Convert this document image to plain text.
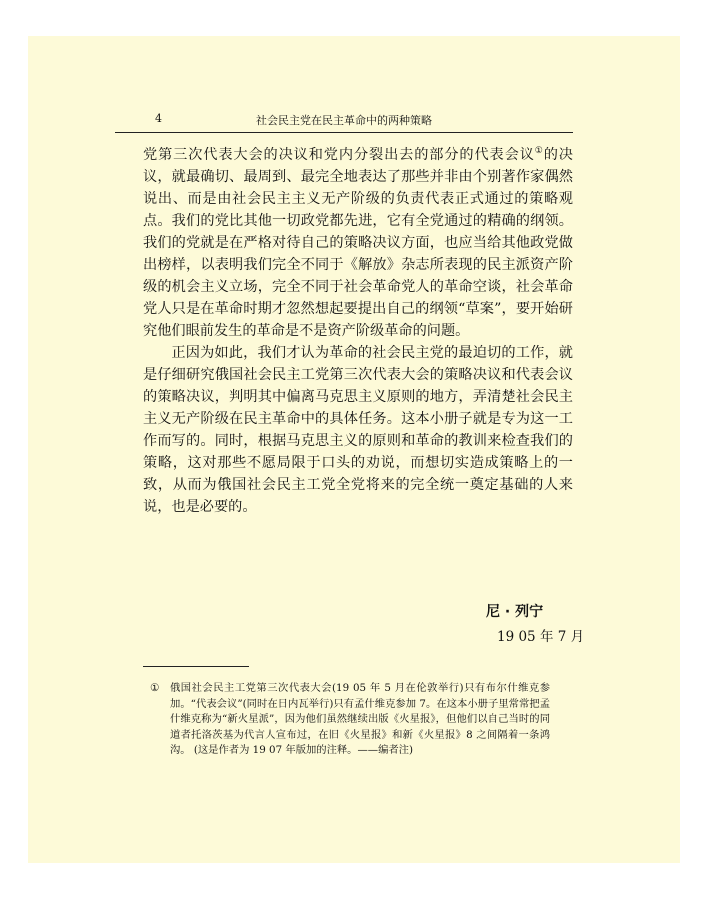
4	社会民主党在民主革命中的两种策略

党第三次代表大会的决议和党内分裂出去的部分的代表会议①的决议，就最确切、最周到、最完全地表达了那些并非由个别著作家偶然说出、而是由社会民主主义无产阶级的负责代表正式通过的策略观点。我们的党比其他一切政党都先进，它有全党通过的精确的纲领。我们的党就是在严格对待自己的策略决议方面，也应当给其他政党做出榜样，以表明我们完全不同于《解放》杂志所表现的民主派资产阶级的机会主义立场，完全不同于社会革命党人的革命空谈，社会革命党人只是在革命时期才忽然想起要提出自己的纲领“草案”，要开始研究他们眼前发生的革命是不是资产阶级革命的问题。

正因为如此，我们才认为革命的社会民主党的最迫切的工作，就是仔细研究俄国社会民主工党第三次代表大会的策略决议和代表会议的策略决议，判明其中偏离马克思主义原则的地方，弄清楚社会民主主义无产阶级在民主革命中的具体任务。这本小册子就是专为这一工作而写的。同时，根据马克思主义的原则和革命的教训来检查我们的策略，这对那些不愿局限于口头的劝说，而想切实造成策略上的一致，从而为俄国社会民主工党全党将来的完全统一奠定基础的人来说，也是必要的。

尼 · 列宁
19 05 年 7 月
① 俄国社会民主工党第三次代表大会(19 05 年 5 月在伦敦举行)只有布尔什维克参加。“代表会议”(同时在日内瓦举行)只有孟什维克参加 7。在这本小册子里常常把孟什维克称为“新火星派”，因为他们虽然继续出版《火星报》，但他们以自己当时的同道者托洛茨基为代言人宣布过，在旧《火星报》和新《火星报》8 之间隔着一条鸿沟。 (这是作者为 19 07 年版加的注释。——编者注)
